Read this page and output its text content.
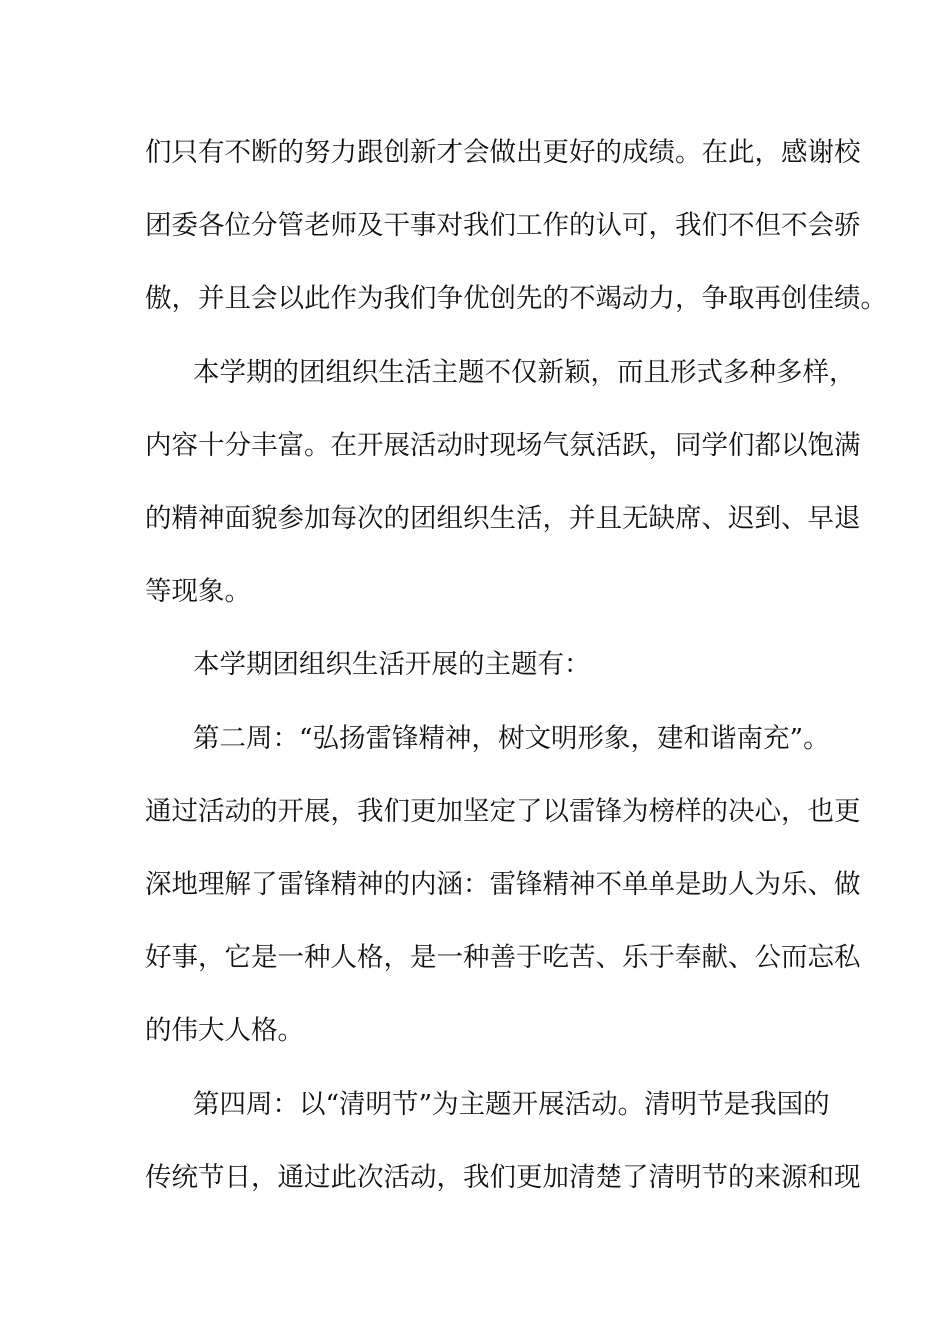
们只有不断的努力跟创新才会做出更好的成绩。在此，感谢校
团委各位分管老师及干事对我们工作的认可，我们不但不会骄
傲，并且会以此作为我们争优创先的不竭动力，争取再创佳绩。
本学期的团组织生活主题不仅新颖，而且形式多种多样，
内容十分丰富。在开展活动时现场气氛活跃，同学们都以饱满
的精神面貌参加每次的团组织生活，并且无缺席、迟到、早退
等现象。
本学期团组织生活开展的主题有：
第二周：“弘扬雷锋精神，树文明形象，建和谐南充”。
通过活动的开展，我们更加坚定了以雷锋为榜样的决心，也更
深地理解了雷锋精神的内涵：雷锋精神不单单是助人为乐、做
好事，它是一种人格，是一种善于吃苦、乐于奉献、公而忘私
的伟大人格。
第四周：以“清明节”为主题开展活动。清明节是我国的
传统节日，通过此次活动，我们更加清楚了清明节的来源和现
